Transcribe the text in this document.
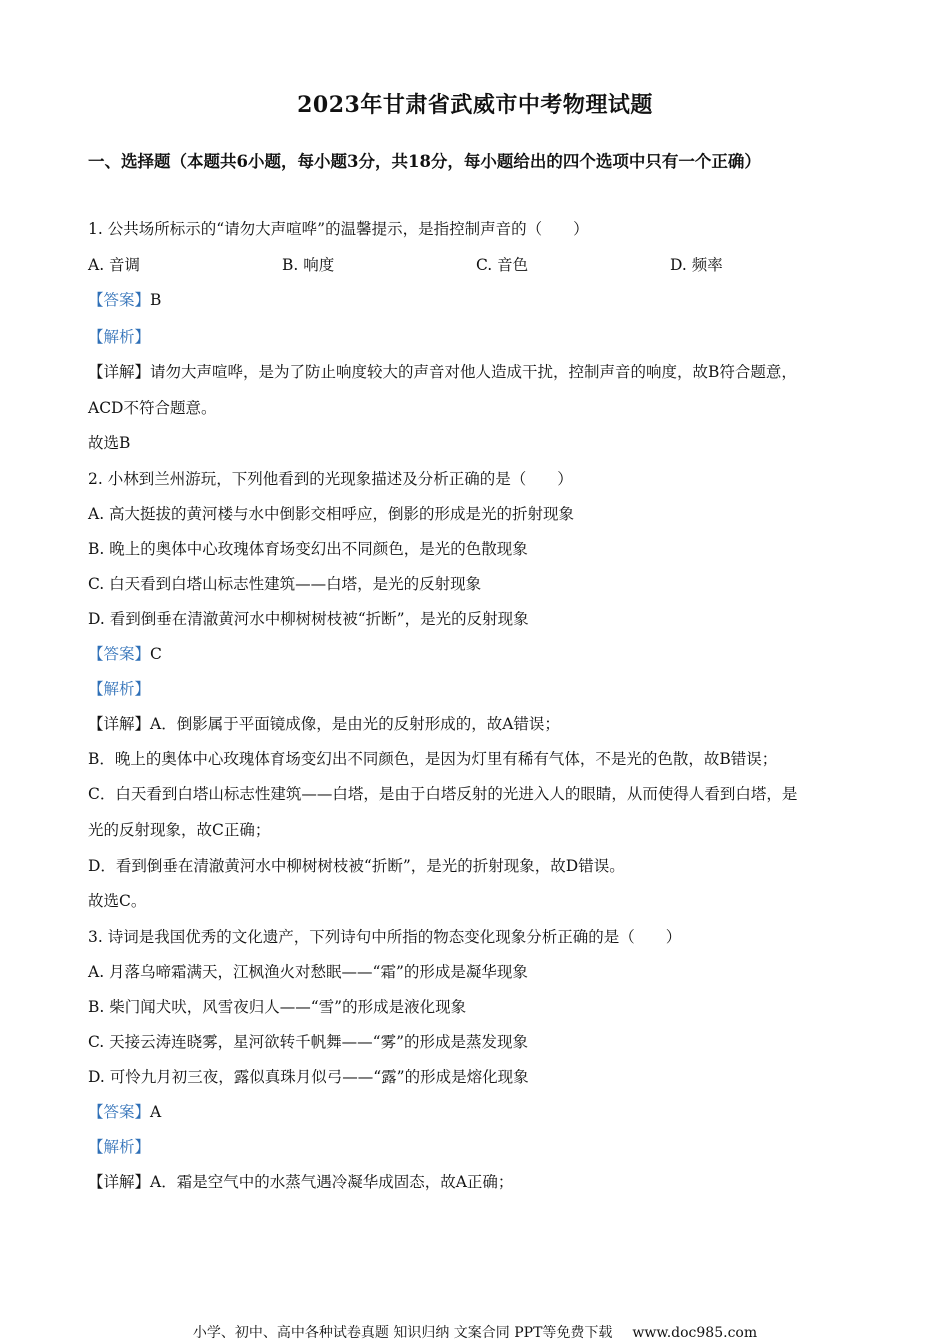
2023年甘肃省武威市中考物理试题
一、选择题（本题共6小题，每小题3分，共18分，每小题给出的四个选项中只有一个正确）
1. 公共场所标示的“请勿大声喧哗”的温馨提示，是指控制声音的（　　）
A. 音调	B. 响度	C. 音色	D. 频率
【答案】B
【解析】
【详解】请勿大声喧哗，是为了防止响度较大的声音对他人造成干扰，控制声音的响度，故B符合题意，
ACD不符合题意。
故选B
2. 小林到兰州游玩，下列他看到的光现象描述及分析正确的是（　　）
A. 高大挺拔的黄河楼与水中倒影交相呼应，倒影的形成是光的折射现象
B. 晚上的奥体中心玫瑰体育场变幻出不同颜色，是光的色散现象
C. 白天看到白塔山标志性建筑——白塔，是光的反射现象
D. 看到倒垂在清澈黄河水中柳树树枝被“折断”，是光的反射现象
【答案】C
【解析】
【详解】A．倒影属于平面镜成像，是由光的反射形成的，故A错误；
B．晚上的奥体中心玫瑰体育场变幻出不同颜色，是因为灯里有稀有气体，不是光的色散，故B错误；
C．白天看到白塔山标志性建筑——白塔，是由于白塔反射的光进入人的眼睛，从而使得人看到白塔，是
光的反射现象，故C正确；
D．看到倒垂在清澈黄河水中柳树树枝被“折断”，是光的折射现象，故D错误。
故选C。
3. 诗词是我国优秀的文化遗产，下列诗句中所指的物态变化现象分析正确的是（　　）
A. 月落乌啼霜满天，江枫渔火对愁眠——“霜”的形成是凝华现象
B. 柴门闻犬吠，风雪夜归人——“雪”的形成是液化现象
C. 天接云涛连晓雾，星河欲转千帆舞——“雾”的形成是蒸发现象
D. 可怜九月初三夜，露似真珠月似弓——“露”的形成是熔化现象
【答案】A
【解析】
【详解】A．霜是空气中的水蒸气遇冷凝华成固态，故A正确；
小学、初中、高中各种试卷真题 知识归纳 文案合同 PPT等免费下载 www.doc985.com
